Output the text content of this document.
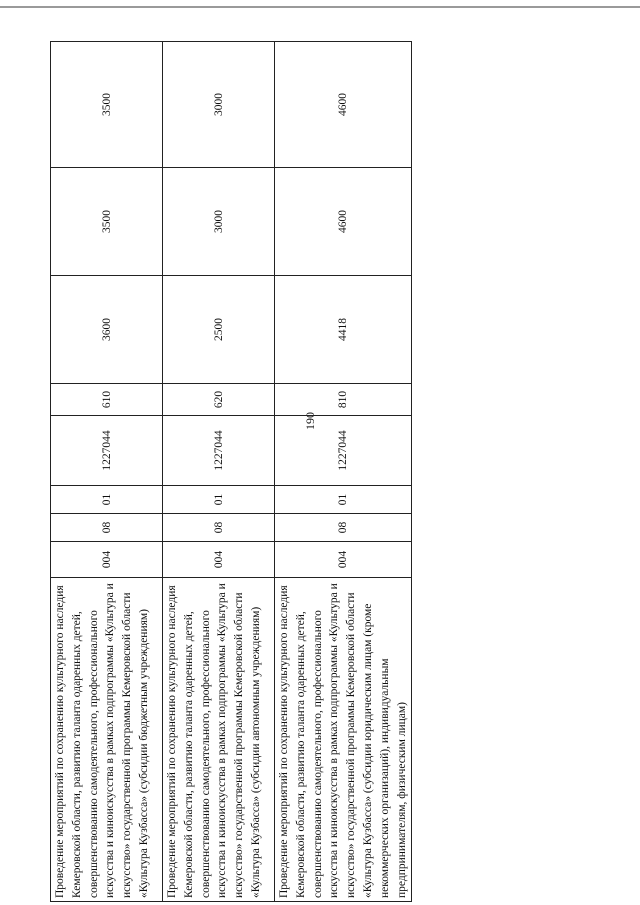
190
Проведение мероприятий по сохранению культурного наследия Кемеровской области, развитию таланта одаренных детей, совершенствованию самодеятельного, профессионального искусства и киноискусства в рамках подпрограммы «Культура и искусство» государственной программы Кемеровской области «Культура Кузбасса» (субсидии бюджетным учреждениям)	004	08	01	1227044	610	3600	3500	3500
Проведение мероприятий по сохранению культурного наследия Кемеровской области, развитию таланта одаренных детей, совершенствованию самодеятельного, профессионального искусства и киноискусства в рамках подпрограммы «Культура и искусство» государственной программы Кемеровской области «Культура Кузбасса» (субсидии автономным учреждениям)	004	08	01	1227044	620	2500	3000	3000
Проведение мероприятий по сохранению культурного наследия Кемеровской области, развитию таланта одаренных детей, совершенствованию самодеятельного, профессионального искусства и киноискусства в рамках подпрограммы «Культура и искусство» государственной программы Кемеровской области «Культура Кузбасса» (субсидии юридическим лицам (кроме некоммерческих организаций), индивидуальным предпринимателям, физическим лицам)	004	08	01	1227044	810	4418	4600	4600
